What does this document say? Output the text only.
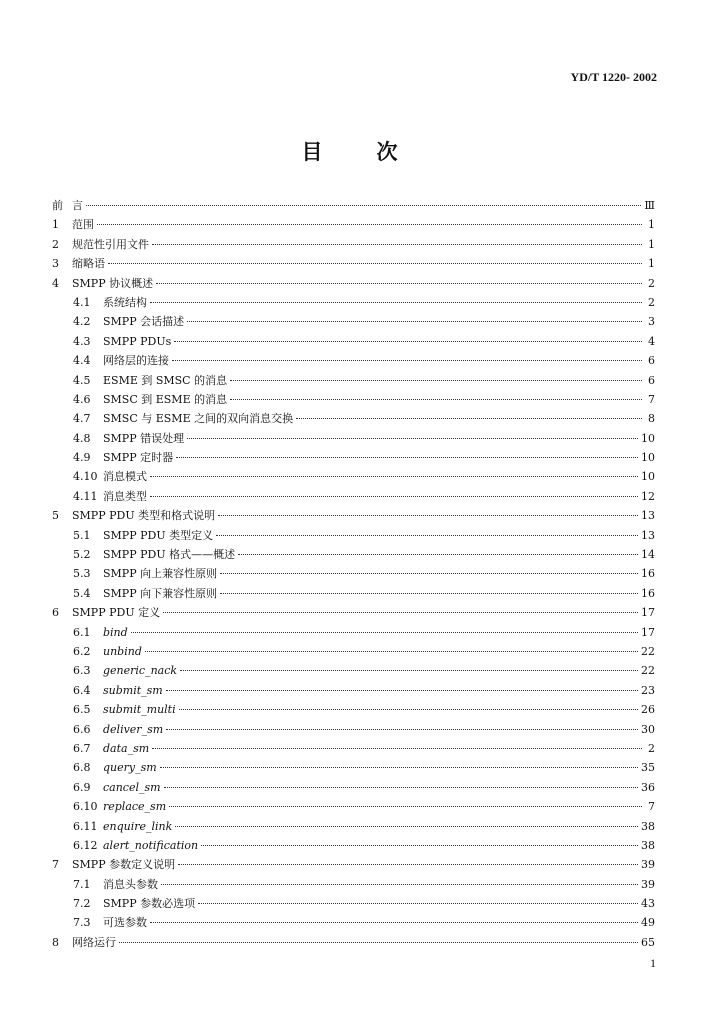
YD/T 1220- 2002
目 次
前 言	Ⅲ
1	范围	1
2	规范性引用文件	1
3	缩略语	1
4	SMPP 协议概述	2
4.1	系统结构	2
4.2	SMPP 会话描述	3
4.3	SMPP PDUs	4
4.4	网络层的连接	6
4.5	ESME 到 SMSC 的消息	6
4.6	SMSC 到 ESME 的消息	7
4.7	SMSC 与 ESME 之间的双向消息交换	8
4.8	SMPP 错误处理	10
4.9	SMPP 定时器	10
4.10 消息模式	10
4.11 消息类型	12
5	SMPP PDU 类型和格式说明	13
5.1	SMPP PDU 类型定义	13
5.2	SMPP PDU 格式——概述	14
5.3	SMPP 向上兼容性原则	16
5.4	SMPP 向下兼容性原则	16
6	SMPP PDU 定义	17
6.1	bind	17
6.2	unbind	22
6.3	generic_nack	22
6.4	submit_sm	23
6.5	submit_multi	26
6.6	deliver_sm	30
6.7	data_sm	2
6.8	query_sm	35
6.9	cancel_sm	36
6.10 replace_sm	7
6.11 enquire_link	38
6.12 alert_notification	38
7	SMPP 参数定义说明	39
7.1	消息头参数	39
7.2	SMPP 参数必选项	43
7.3	可选参数	49
8	网络运行	65
1
